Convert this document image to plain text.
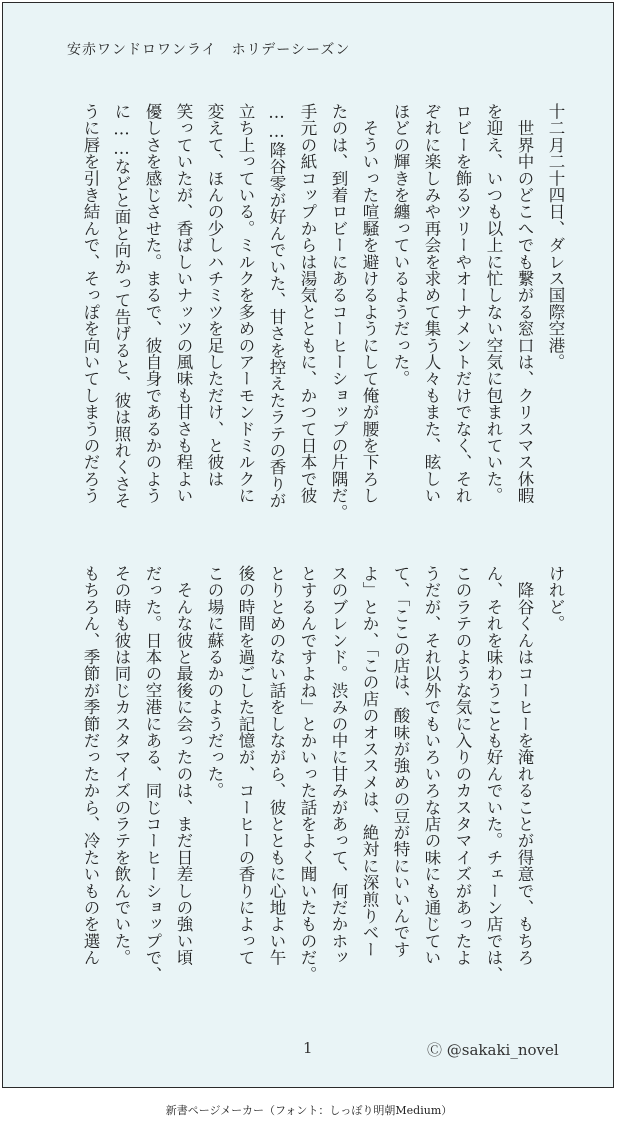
安赤ワンドロワンライ　ホリデーシーズン
十二月二十四日、ダレス国際空港。
　世界中のどこへでも繋がる窓口は、クリスマス休暇
を迎え、いつも以上に忙しない空気に包まれていた。
ロビーを飾るツリーやオーナメントだけでなく、それ
ぞれに楽しみや再会を求めて集う人々もまた、眩しい
ほどの輝きを纏っているようだった。
　そういった喧騒を避けるようにして俺が腰を下ろし
たのは、到着ロビーにあるコーヒーショップの片隅だ。
手元の紙コップからは湯気とともに、かつて日本で彼
……降谷零が好んでいた、甘さを控えたラテの香りが
立ち上っている。ミルクを多めのアーモンドミルクに
変えて、ほんの少しハチミツを足しただけ、と彼は
笑っていたが、香ばしいナッツの風味も甘さも程よい
優しさを感じさせた。まるで、彼自身であるかのよう
に……などと面と向かって告げると、彼は照れくさそ
うに唇を引き結んで、そっぽを向いてしまうのだろう
けれど。
　降谷くんはコーヒーを淹れることが得意で、もちろ
ん、それを味わうことも好んでいた。チェーン店では、
このラテのような気に入りのカスタマイズがあったよ
うだが、それ以外でもいろいろな店の味にも通じてい
て、「ここの店は、酸味が強めの豆が特にいいんです
よ」とか、「この店のオススメは、絶対に深煎りベー
スのブレンド。渋みの中に甘みがあって、何だかホッ
とするんですよね」とかいった話をよく聞いたものだ。
とりとめのない話をしながら、彼とともに心地よい午
後の時間を過ごした記憶が、コーヒーの香りによって
この場に蘇るかのようだった。
　そんな彼と最後に会ったのは、まだ日差しの強い頃
だった。日本の空港にある、同じコーヒーショップで、
その時も彼は同じカスタマイズのラテを飲んでいた。
もちろん、季節が季節だったから、冷たいものを選ん
1	Ⓒ @sakaki_novel
新書ページメーカー（フォント：しっぽり明朝Medium）
